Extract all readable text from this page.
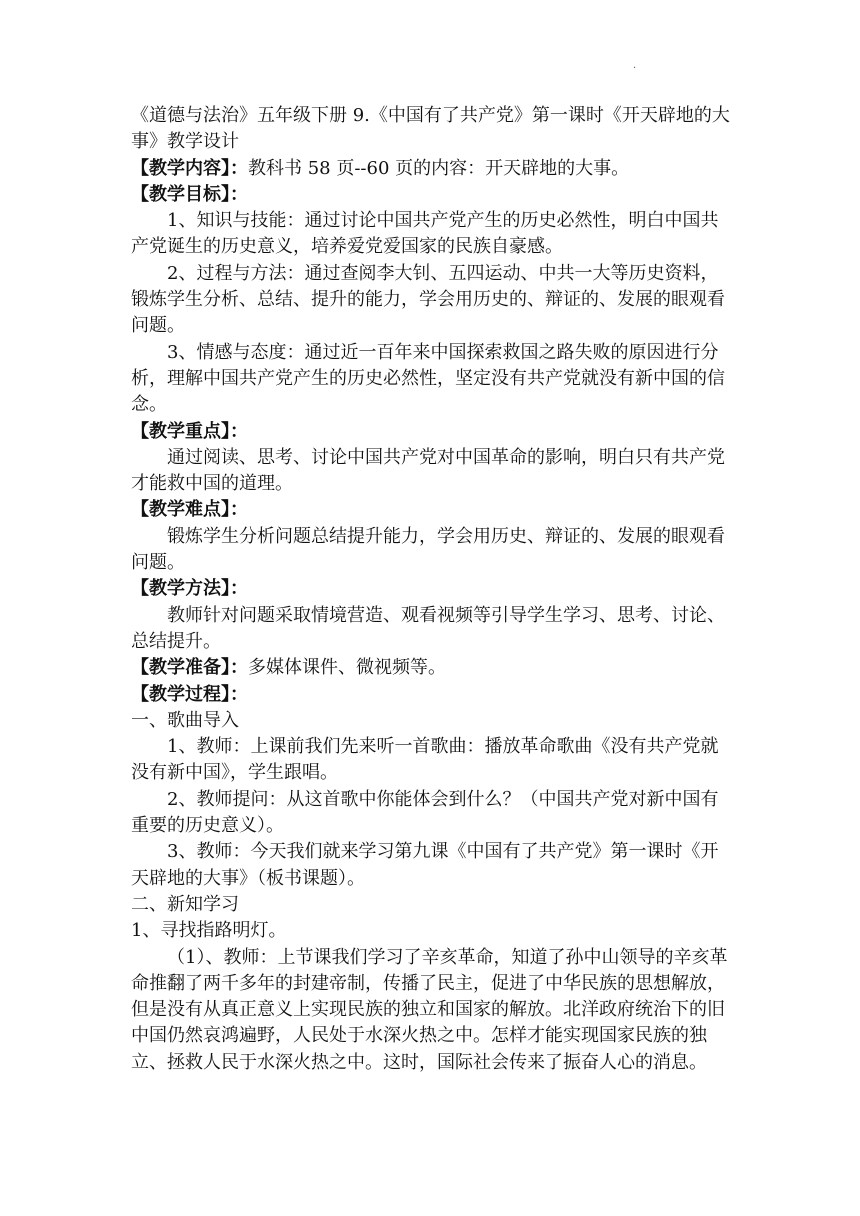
.

《道德与法治》五年级下册 9.《中国有了共产党》第一课时《开天辟地的大事》教学设计

【教学内容】：教科书 58 页--60 页的内容：开天辟地的大事。

【教学目标】：

1、知识与技能：通过讨论中国共产党产生的历史必然性，明白中国共产党诞生的历史意义，培养爱党爱国家的民族自豪感。

2、过程与方法：通过查阅李大钊、五四运动、中共一大等历史资料，锻炼学生分析、总结、提升的能力，学会用历史的、辩证的、发展的眼观看问题。

3、情感与态度：通过近一百年来中国探索救国之路失败的原因进行分析，理解中国共产党产生的历史必然性，坚定没有共产党就没有新中国的信念。

【教学重点】：

通过阅读、思考、讨论中国共产党对中国革命的影响，明白只有共产党才能救中国的道理。

【教学难点】：

锻炼学生分析问题总结提升能力，学会用历史、辩证的、发展的眼观看问题。

【教学方法】：

教师针对问题采取情境营造、观看视频等引导学生学习、思考、讨论、总结提升。

【教学准备】：多媒体课件、微视频等。

【教学过程】：

一、歌曲导入

1、教师：上课前我们先来听一首歌曲：播放革命歌曲《没有共产党就没有新中国》，学生跟唱。

2、教师提问：从这首歌中你能体会到什么？（中国共产党对新中国有重要的历史意义）。

3、教师：今天我们就来学习第九课《中国有了共产党》第一课时《开天辟地的大事》（板书课题）。

二、新知学习

1、寻找指路明灯。

（1）、教师：上节课我们学习了辛亥革命，知道了孙中山领导的辛亥革命推翻了两千多年的封建帝制，传播了民主，促进了中华民族的思想解放，但是没有从真正意义上实现民族的独立和国家的解放。北洋政府统治下的旧中国仍然哀鸿遍野，人民处于水深火热之中。怎样才能实现国家民族的独立、拯救人民于水深火热之中。这时，国际社会传来了振奋人心的消息。
